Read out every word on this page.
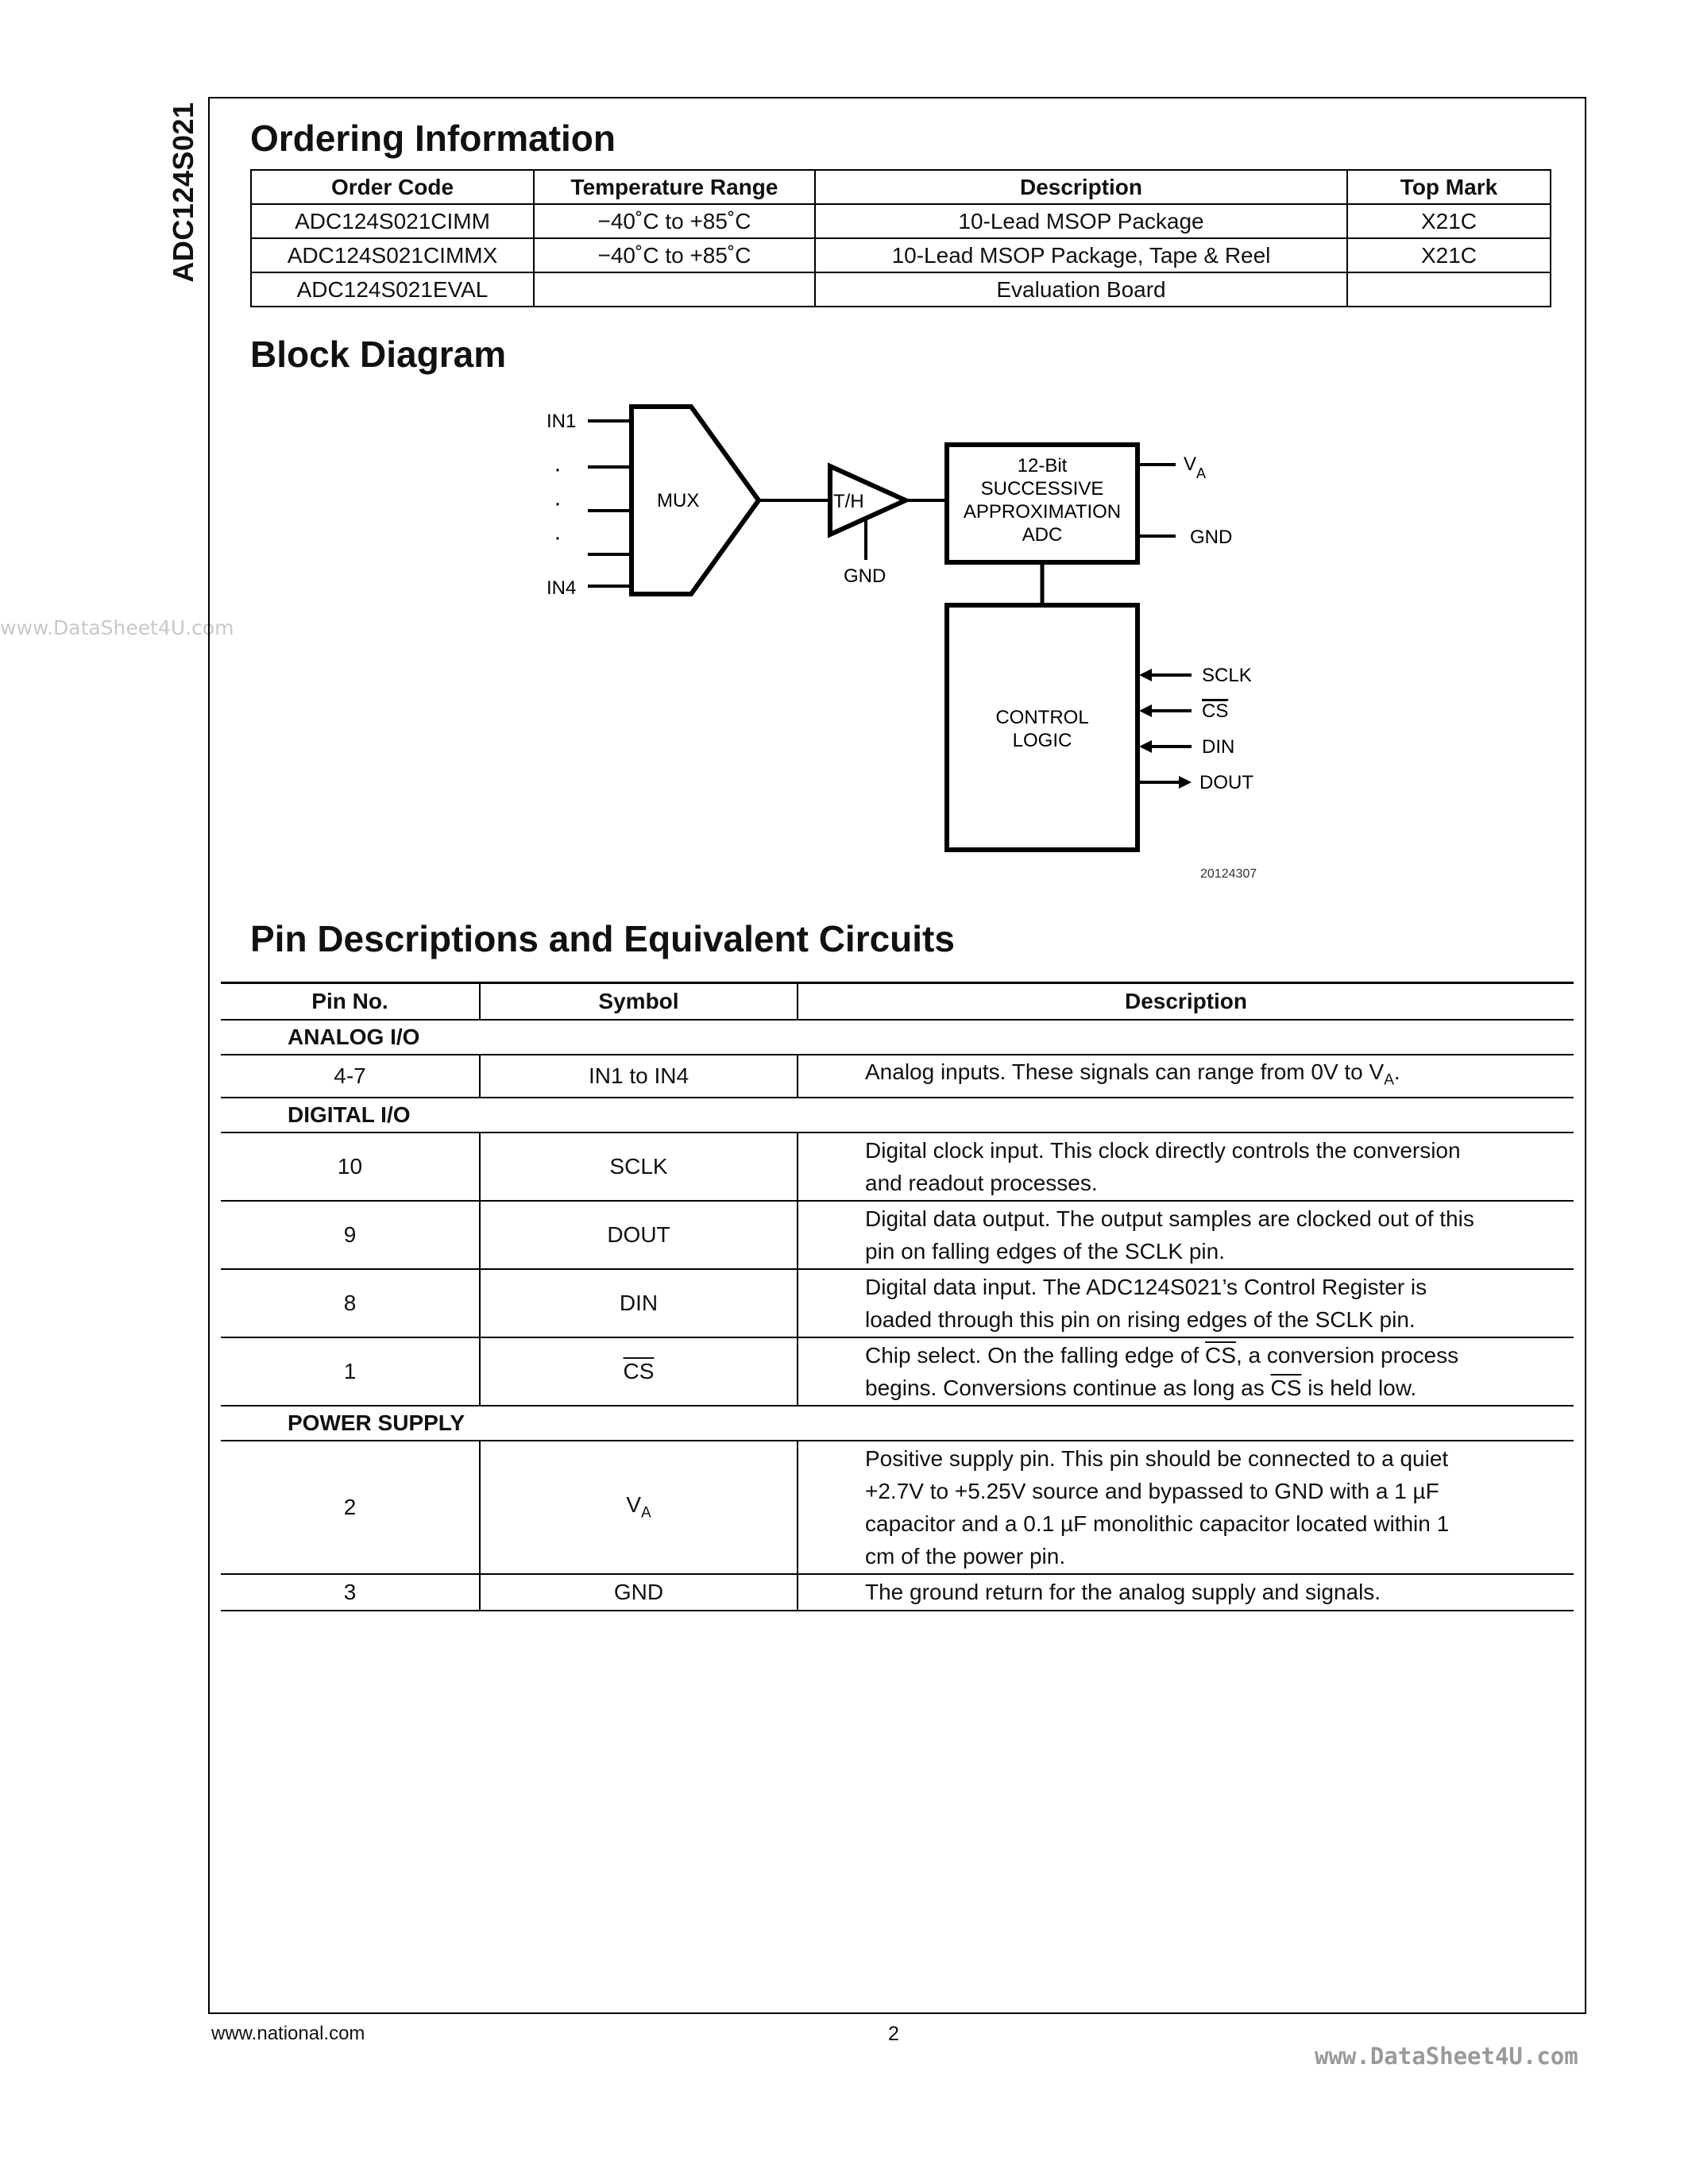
ADC124S021
www.DataSheet4U.com
Ordering Information
Order Code	Temperature Range	Description	Top Mark
ADC124S021CIMM	−40˚C to +85˚C	10-Lead MSOP Package	X21C
ADC124S021CIMMX	−40˚C to +85˚C	10-Lead MSOP Package, Tape & Reel	X21C
ADC124S021EVAL		Evaluation Board	
Block Diagram
IN1
·
·
·
IN4
MUX	T/H
GND
12-Bit
SUCCESSIVE
APPROXIMATION
ADC
$V_A$
GND
CONTROL
LOGIC
SCLK
CS
DIN
DOUT
20124307
Pin Descriptions and Equivalent Circuits
Pin No.	Symbol	Description
ANALOG I/O		
4-7	IN1 to IN4	Analog inputs. These signals can range from 0V to $V_A$.
DIGITAL I/O		
10	SCLK	Digital clock input. This clock directly controls the conversion
and readout processes.

9	DOUT	Digital data output. The output samples are clocked out of this
pin on falling edges of the SCLK pin.

8	DIN	Digital data input. The ADC124S021’s Control Register is
loaded through this pin on rising edges of the SCLK pin.

1	$\overline{CS}$	Chip select. On the falling edge of $\overline{CS}$, a conversion process
begins. Conversions continue as long as $\overline{CS}$ is held low.

POWER SUPPLY		
2	$V_A$	Positive supply pin. This pin should be connected to a quiet
+2.7V to +5.25V source and bypassed to GND with a 1 µF
capacitor and a 0.1 µF monolithic capacitor located within 1
cm of the power pin.

3	GND	The ground return for the analog supply and signals.
www.national.com	2
www.DataSheet4U.com
